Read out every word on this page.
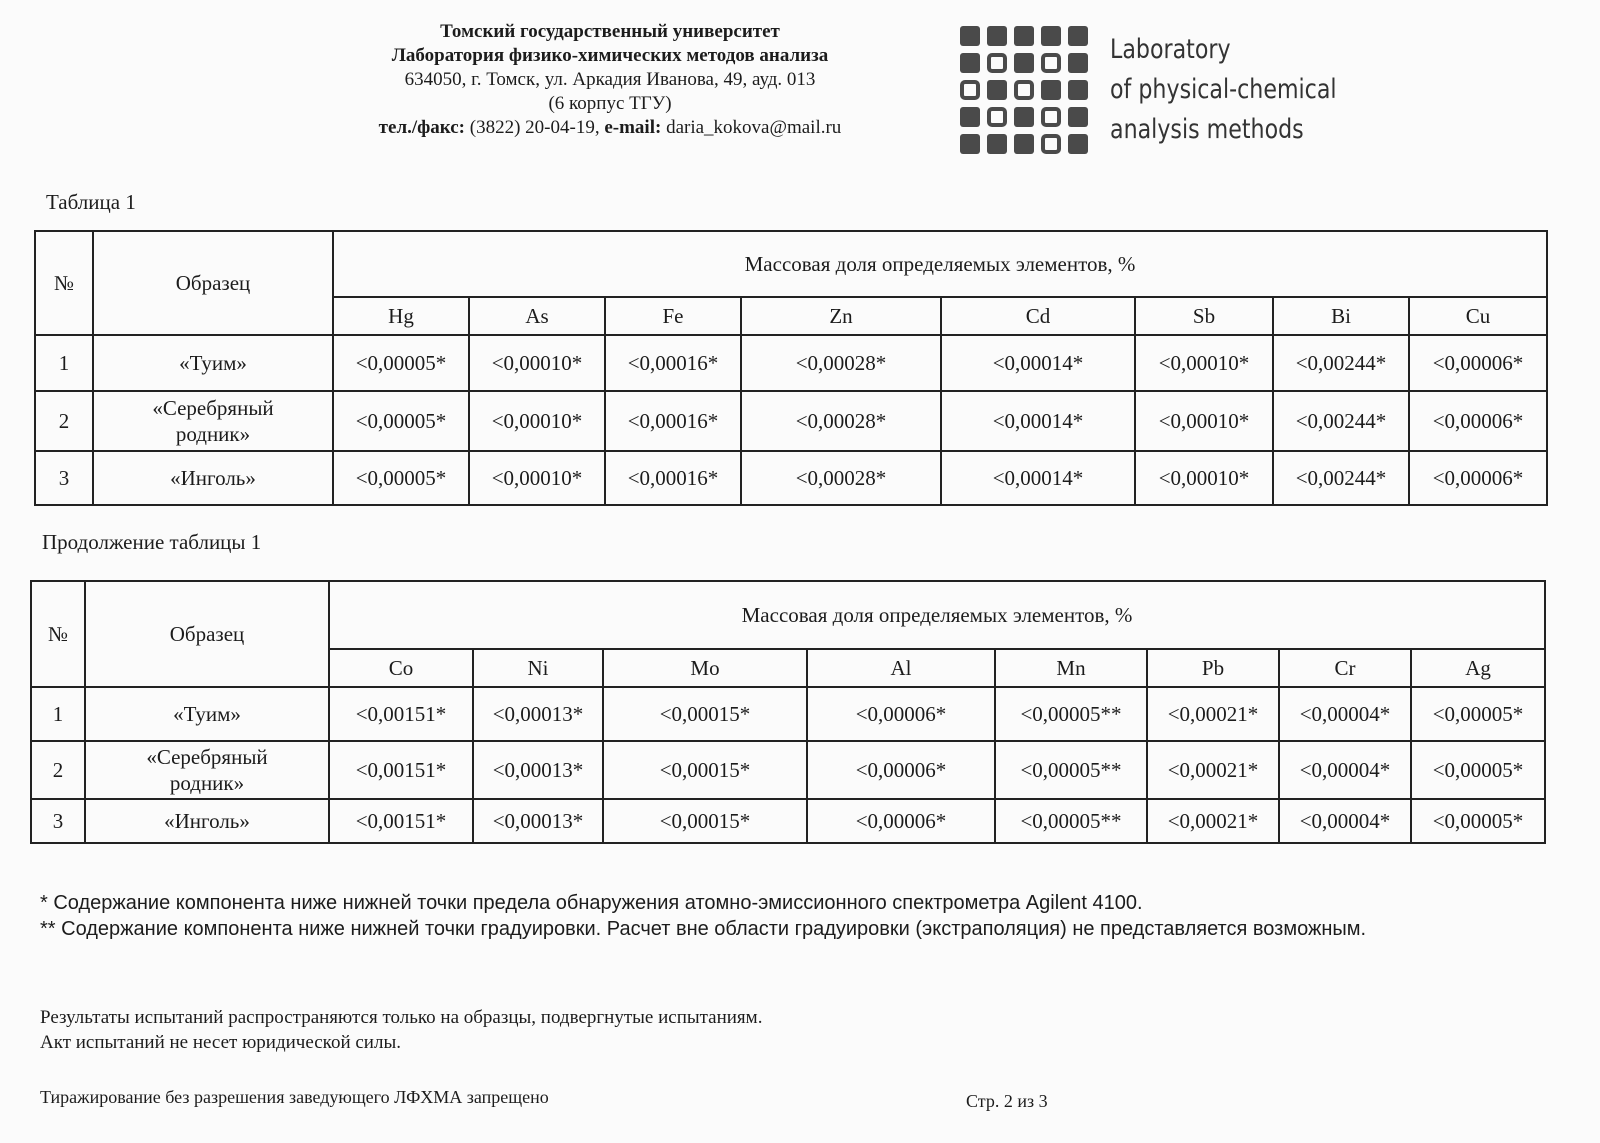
Томский государственный университет
Лаборатория физико-химических методов анализа
634050, г. Томск, ул. Аркадия Иванова, 49, ауд. 013
(6 корпус ТГУ)
тел./факс: (3822) 20-04-19, e-mail: daria_kokova@mail.ru
Laboratory
of physical-chemical
analysis methods
Таблица 1
№	Образец	Массовая доля определяемых элементов, %							
		Hg	As	Fe	Zn	Cd	Sb	Bi	Cu
1	«Туим»	<0,00005*	<0,00010*	<0,00016*	<0,00028*	<0,00014*	<0,00010*	<0,00244*	<0,00006*
2	«Серебряный родник»	<0,00005*	<0,00010*	<0,00016*	<0,00028*	<0,00014*	<0,00010*	<0,00244*	<0,00006*
3	«Инголь»	<0,00005*	<0,00010*	<0,00016*	<0,00028*	<0,00014*	<0,00010*	<0,00244*	<0,00006*
Продолжение таблицы 1
№	Образец	Массовая доля определяемых элементов, %							
		Co	Ni	Mo	Al	Mn	Pb	Cr	Ag
1	«Туим»	<0,00151*	<0,00013*	<0,00015*	<0,00006*	<0,00005**	<0,00021*	<0,00004*	<0,00005*
2	«Серебряный родник»	<0,00151*	<0,00013*	<0,00015*	<0,00006*	<0,00005**	<0,00021*	<0,00004*	<0,00005*
3	«Инголь»	<0,00151*	<0,00013*	<0,00015*	<0,00006*	<0,00005**	<0,00021*	<0,00004*	<0,00005*
* Содержание компонента ниже нижней точки предела обнаружения атомно-эмиссионного спектрометра Agilent 4100.
** Содержание компонента ниже нижней точки градуировки. Расчет вне области градуировки (экстраполяция) не представляется возможным.
Результаты испытаний распространяются только на образцы, подвергнутые испытаниям.
Акт испытаний не несет юридической силы.
Тиражирование без разрешения заведующего ЛФХМА запрещено	Стр. 2 из 3
